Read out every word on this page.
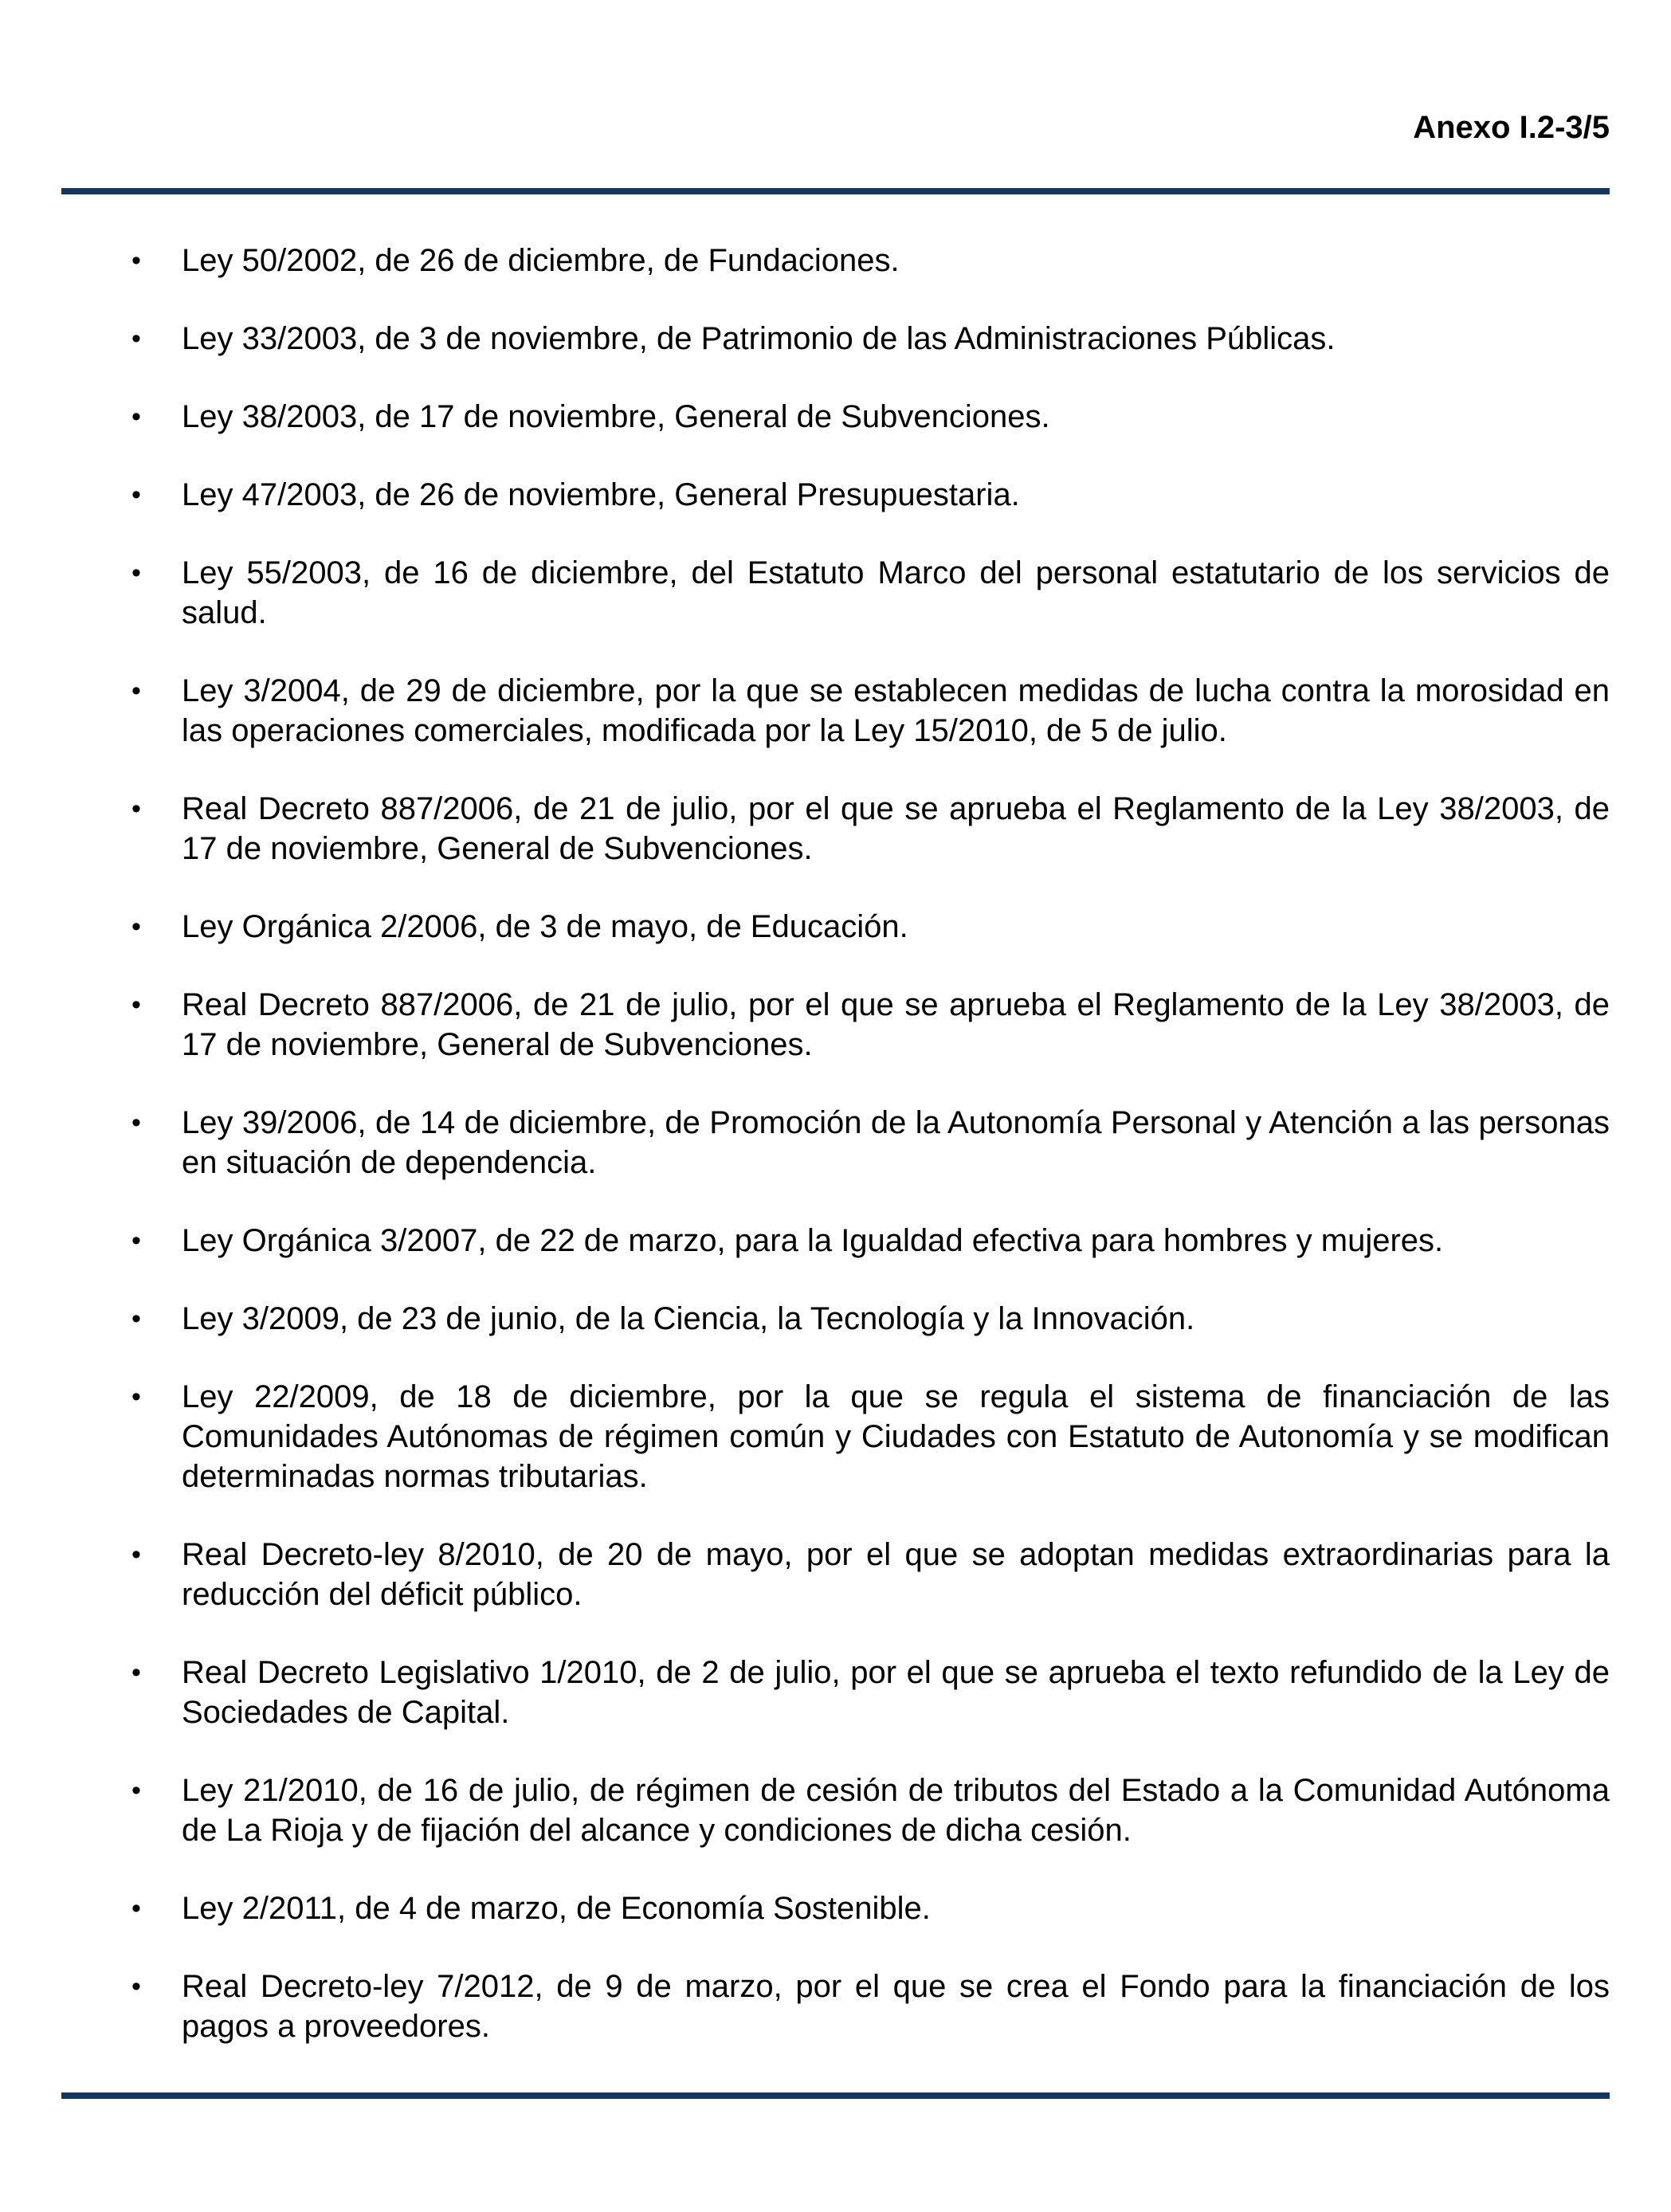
Anexo I.2-3/5
• Ley 50/2002, de 26 de diciembre, de Fundaciones.
• Ley 33/2003, de 3 de noviembre, de Patrimonio de las Administraciones Públicas.
• Ley 38/2003, de 17 de noviembre, General de Subvenciones.
• Ley 47/2003, de 26 de noviembre, General Presupuestaria.
• Ley 55/2003, de 16 de diciembre, del Estatuto Marco del personal estatutario de los servicios de salud.
• Ley 3/2004, de 29 de diciembre, por la que se establecen medidas de lucha contra la morosidad en las operaciones comerciales, modificada por la Ley 15/2010, de 5 de julio.
• Real Decreto 887/2006, de 21 de julio, por el que se aprueba el Reglamento de la Ley 38/2003, de 17 de noviembre, General de Subvenciones.
• Ley Orgánica 2/2006, de 3 de mayo, de Educación.
• Real Decreto 887/2006, de 21 de julio, por el que se aprueba el Reglamento de la Ley 38/2003, de 17 de noviembre, General de Subvenciones.
• Ley 39/2006, de 14 de diciembre, de Promoción de la Autonomía Personal y Atención a las personas en situación de dependencia.
• Ley Orgánica 3/2007, de 22 de marzo, para la Igualdad efectiva para hombres y mujeres.
• Ley 3/2009, de 23 de junio, de la Ciencia, la Tecnología y la Innovación.
• Ley 22/2009, de 18 de diciembre, por la que se regula el sistema de financiación de las Comunidades Autónomas de régimen común y Ciudades con Estatuto de Autonomía y se modifican determinadas normas tributarias.
• Real Decreto-ley 8/2010, de 20 de mayo, por el que se adoptan medidas extraordinarias para la reducción del déficit público.
• Real Decreto Legislativo 1/2010, de 2 de julio, por el que se aprueba el texto refundido de la Ley de Sociedades de Capital.
• Ley 21/2010, de 16 de julio, de régimen de cesión de tributos del Estado a la Comunidad Autónoma de La Rioja y de fijación del alcance y condiciones de dicha cesión.
• Ley 2/2011, de 4 de marzo, de Economía Sostenible.
• Real Decreto-ley 7/2012, de 9 de marzo, por el que se crea el Fondo para la financiación de los pagos a proveedores.
